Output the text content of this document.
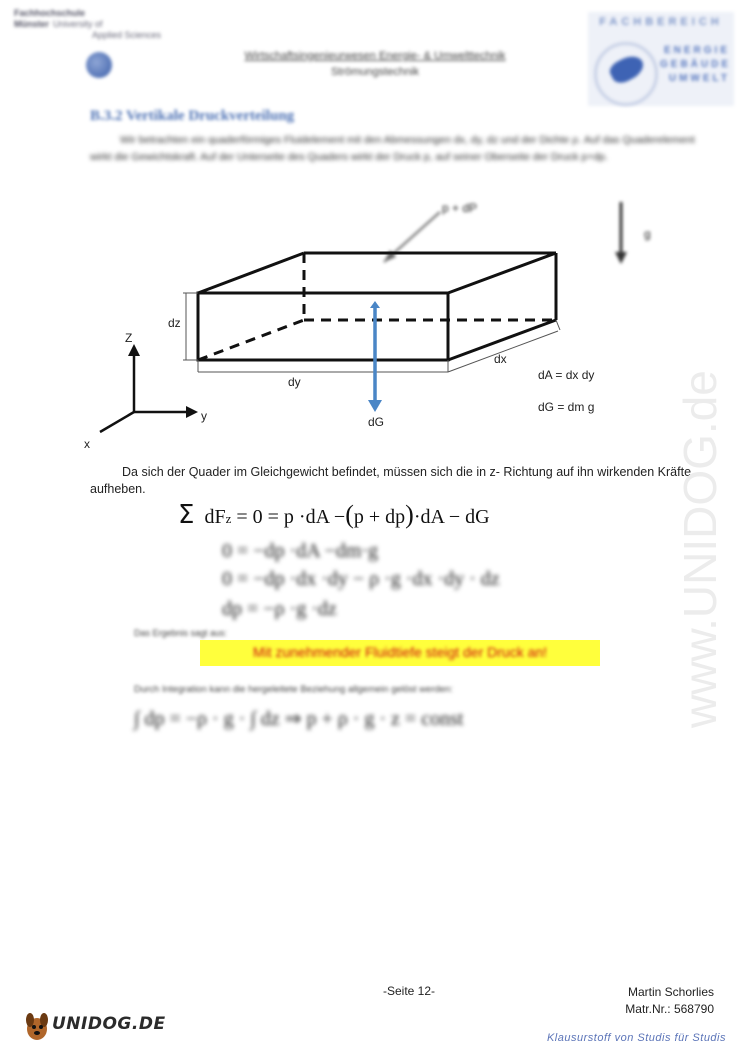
Fachhochschule
Münster University of
Applied Sciences
Wirtschaftsingenieurwesen Energie- & Umwelttechnik
Strömungstechnik
FACHBEREICH
ENERGIE
GEBÄUDE
UMWELT
B.3.2 Vertikale Druckverteilung
Wir betrachten ein quaderförmiges Fluidelement mit den Abmessungen dx, dy, dz und der Dichte ρ. Auf das Quaderelement wirkt die Gewichtskraft. Auf der Unterseite des Quaders wirkt der Druck p, auf seiner Oberseite der Druck p+dp.
p + dP
g
dz
dy
dx
dG
Z
y
x
dA = dx dy
dG = dm g
Da sich der Quader im Gleichgewicht befindet, müssen sich die in z- Richtung auf ihn wirkenden Kräfte aufheben.
Σ dFz = 0 = p ·dA −(p + dp)·dA − dG
0 = −dp ·dA −dm·g
0 = −dp ·dx ·dy − ρ ·g ·dx ·dy · dz
dp = −ρ ·g ·dz
Das Ergebnis sagt aus:
Mit zunehmender Fluidtiefe steigt der Druck an!
Durch Integration kann die hergeleitete Beziehung allgemein gelöst werden:
∫ dp = −ρ · g · ∫ dz ⇒ p + ρ · g · z = const	www.UNIDOG.de
-Seite 12-	Martin Schorlies
Matr.Nr.: 568790
UNIDOG.DE
Klausurstoff von Studis für Studis
